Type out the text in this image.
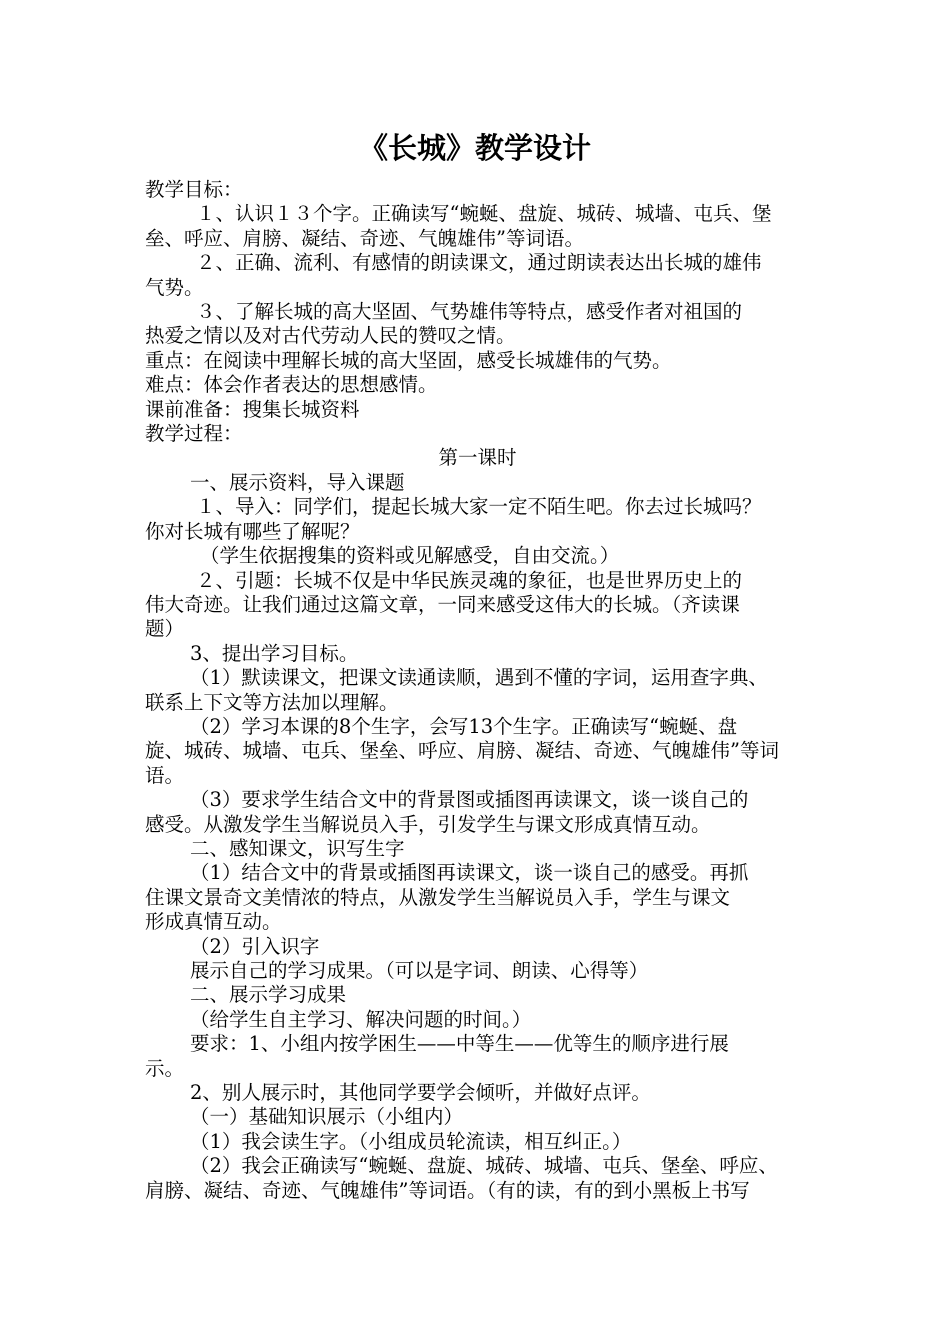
《长城》教学设计

教学目标：

１、认识１３个字。正确读写“蜿蜒、盘旋、城砖、城墙、屯兵、堡

垒、呼应、肩膀、凝结、奇迹、气魄雄伟”等词语。

２、正确、流利、有感情的朗读课文，通过朗读表达出长城的雄伟

气势。

３、了解长城的高大坚固、气势雄伟等特点，感受作者对祖国的

热爱之情以及对古代劳动人民的赞叹之情。

重点：在阅读中理解长城的高大坚固，感受长城雄伟的气势。

难点：体会作者表达的思想感情。

课前准备：搜集长城资料

教学过程：

第一课时

一、展示资料，导入课题

１、导入：同学们，提起长城大家一定不陌生吧。你去过长城吗？

你对长城有哪些了解呢？

（学生依据搜集的资料或见解感受，自由交流。）

２、引题：长城不仅是中华民族灵魂的象征，也是世界历史上的

伟大奇迹。让我们通过这篇文章，一同来感受这伟大的长城。（齐读课

题）

3、提出学习目标。

（1）默读课文，把课文读通读顺，遇到不懂的字词，运用查字典、

联系上下文等方法加以理解。

（2）学习本课的8个生字，会写13个生字。正确读写“蜿蜒、盘

旋、城砖、城墙、屯兵、堡垒、呼应、肩膀、凝结、奇迹、气魄雄伟”等词

语。

（3）要求学生结合文中的背景图或插图再读课文，谈一谈自己的

感受。从激发学生当解说员入手，引发学生与课文形成真情互动。

二、感知课文，识写生字

（1）结合文中的背景或插图再读课文，谈一谈自己的感受。再抓

住课文景奇文美情浓的特点，从激发学生当解说员入手，学生与课文

形成真情互动。

（2）引入识字

展示自己的学习成果。（可以是字词、朗读、心得等）

二、展示学习成果

（给学生自主学习、解决问题的时间。）

要求：1、小组内按学困生——中等生——优等生的顺序进行展

示。

2、别人展示时，其他同学要学会倾听，并做好点评。

（一）基础知识展示（小组内）

（1）我会读生字。（小组成员轮流读，相互纠正。）

（2）我会正确读写“蜿蜒、盘旋、城砖、城墙、屯兵、堡垒、呼应、

肩膀、凝结、奇迹、气魄雄伟”等词语。（有的读，有的到小黑板上书写
